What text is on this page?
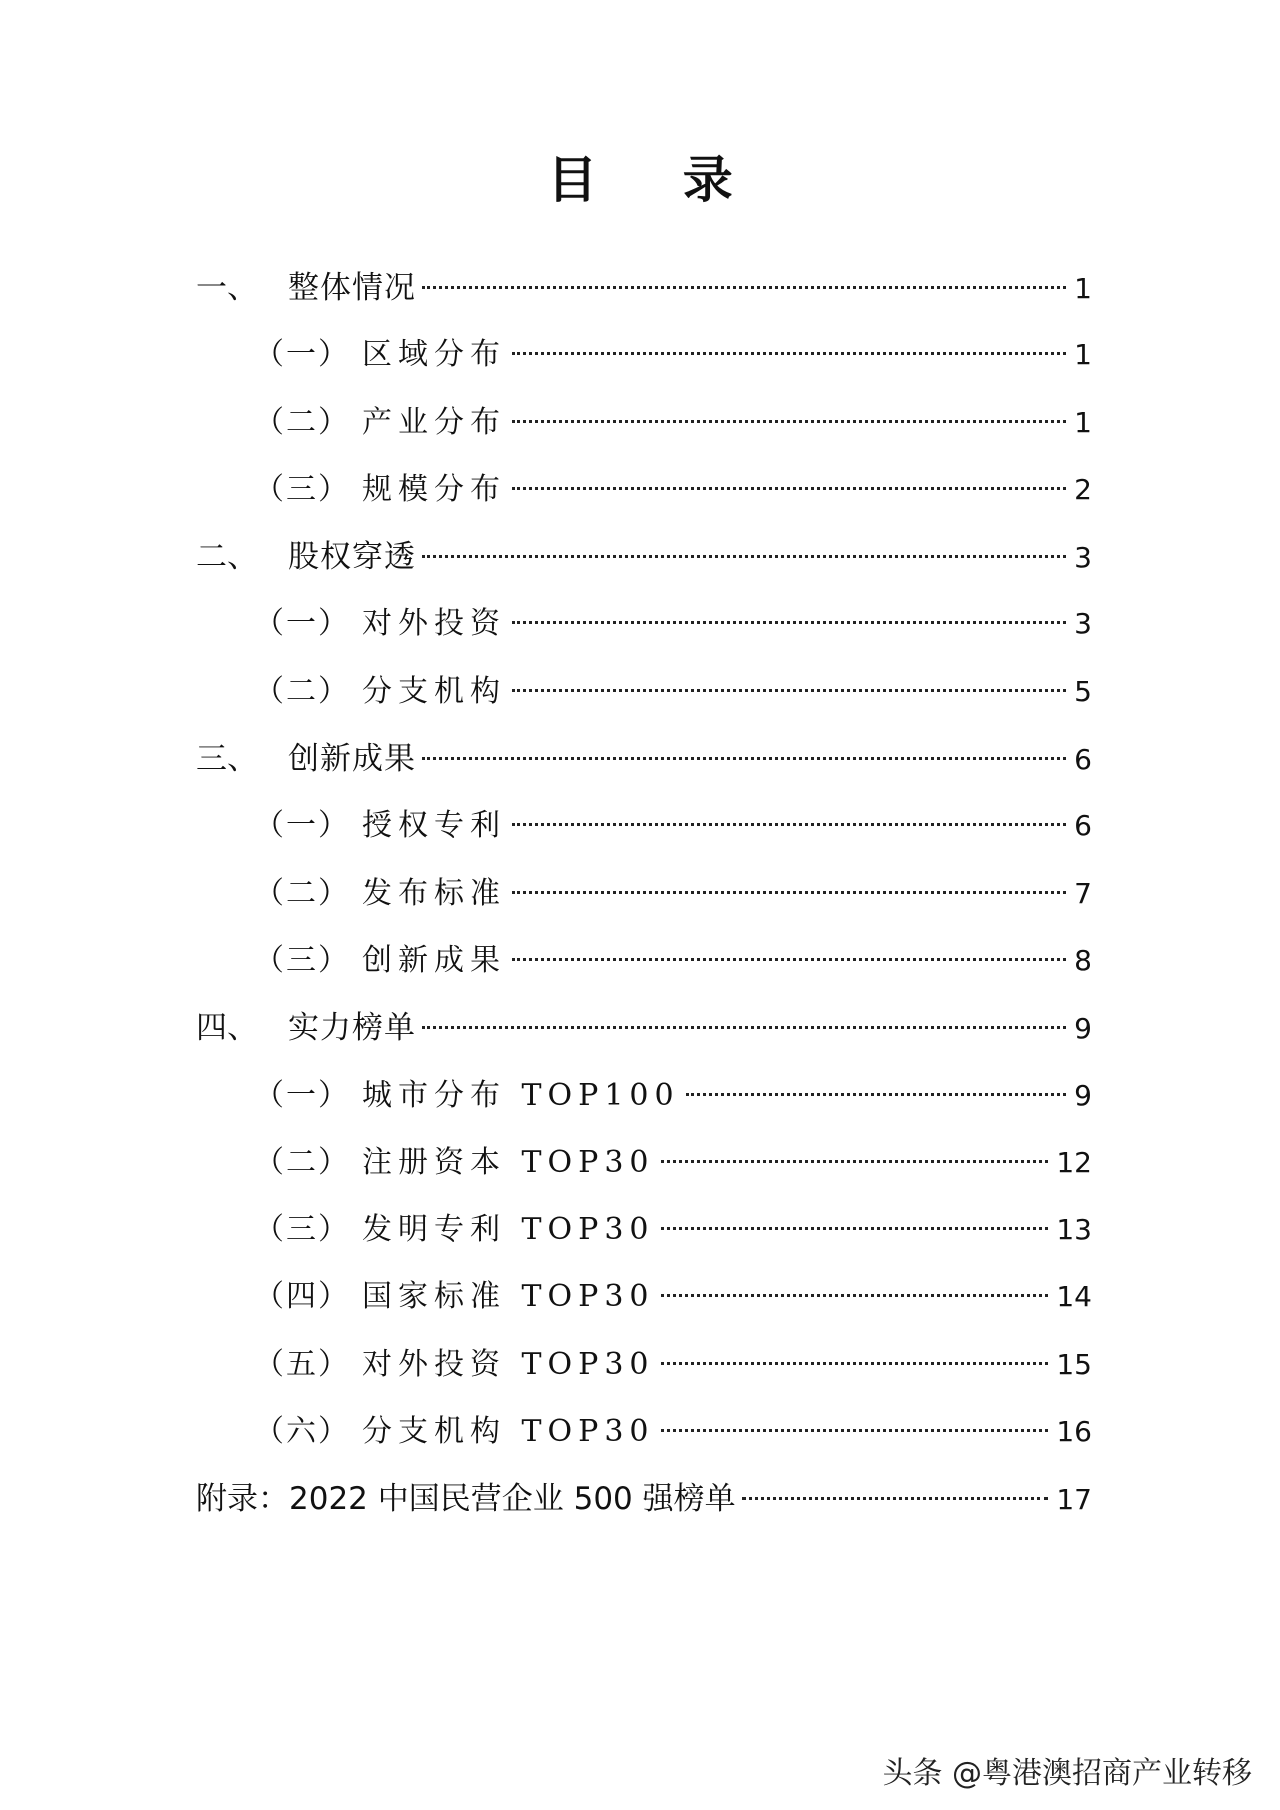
目 录
一、 整体情况	1
（一） 区域分布	1
（二） 产业分布	1
（三） 规模分布	2
二、 股权穿透	3
（一） 对外投资	3
（二） 分支机构	5
三、 创新成果	6
（一） 授权专利	6
（二） 发布标准	7
（三） 创新成果	8
四、 实力榜单	9
（一） 城市分布 TOP100	9
（二） 注册资本 TOP30	12
（三） 发明专利 TOP30	13
（四） 国家标准 TOP30	14
（五） 对外投资 TOP30	15
（六） 分支机构 TOP30	16
附录：2022 中国民营企业 500 强榜单	17
头条 @粤港澳招商产业转移
